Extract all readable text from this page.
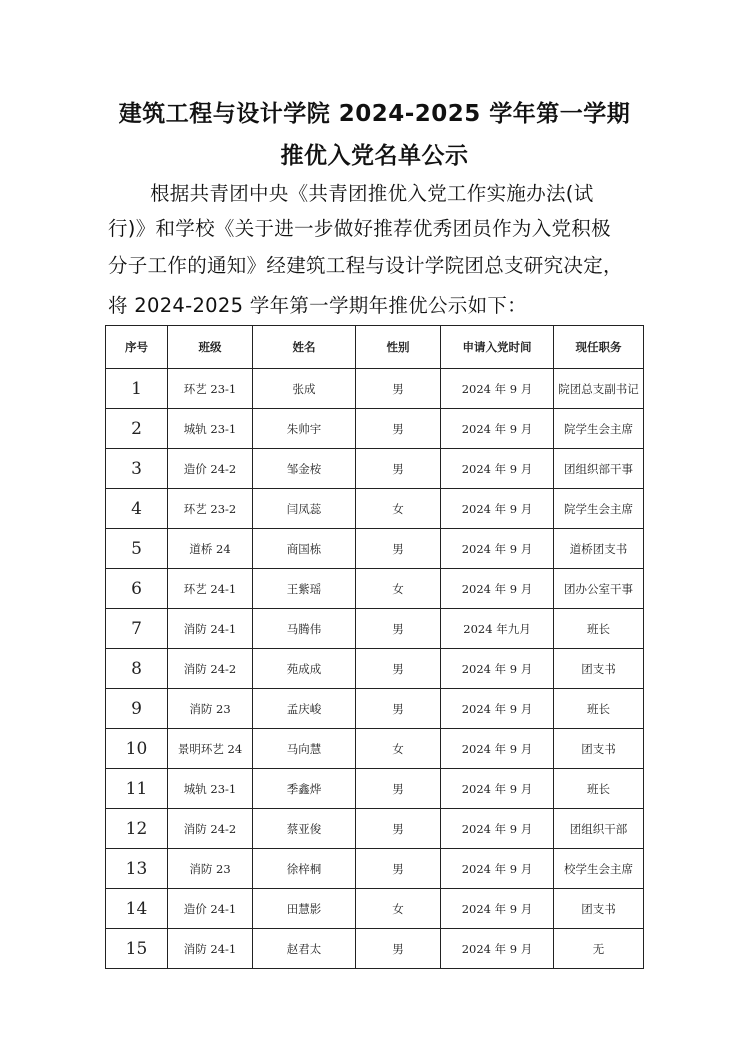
建筑工程与设计学院 2024-2025 学年第一学期
推优入党名单公示
根据共青团中央《共青团推优入党工作实施办法(试
行)》和学校《关于进一步做好推荐优秀团员作为入党积极
分子工作的通知》经建筑工程与设计学院团总支研究决定，
将 2024-2025 学年第一学期年推优公示如下：
序号	班级	姓名	性别	申请入党时间	现任职务
1	环艺 23-1	张成	男	2024 年 9 月	院团总支副书记
2	城轨 23-1	朱帅宇	男	2024 年 9 月	院学生会主席
3	造价 24-2	邹金桉	男	2024 年 9 月	团组织部干事
4	环艺 23-2	闫凤蕊	女	2024 年 9 月	院学生会主席
5	道桥 24	商国栋	男	2024 年 9 月	道桥团支书
6	环艺 24-1	王紫瑶	女	2024 年 9 月	团办公室干事
7	消防 24-1	马腾伟	男	2024 年九月	班长
8	消防 24-2	苑成成	男	2024 年 9 月	团支书
9	消防 23	孟庆峻	男	2024 年 9 月	班长
10	景明环艺 24	马向慧	女	2024 年 9 月	团支书
11	城轨 23-1	季鑫烨	男	2024 年 9 月	班长
12	消防 24-2	蔡亚俊	男	2024 年 9 月	团组织干部
13	消防 23	徐梓桐	男	2024 年 9 月	校学生会主席
14	造价 24-1	田慧影	女	2024 年 9 月	团支书
15	消防 24-1	赵君太	男	2024 年 9 月	无
